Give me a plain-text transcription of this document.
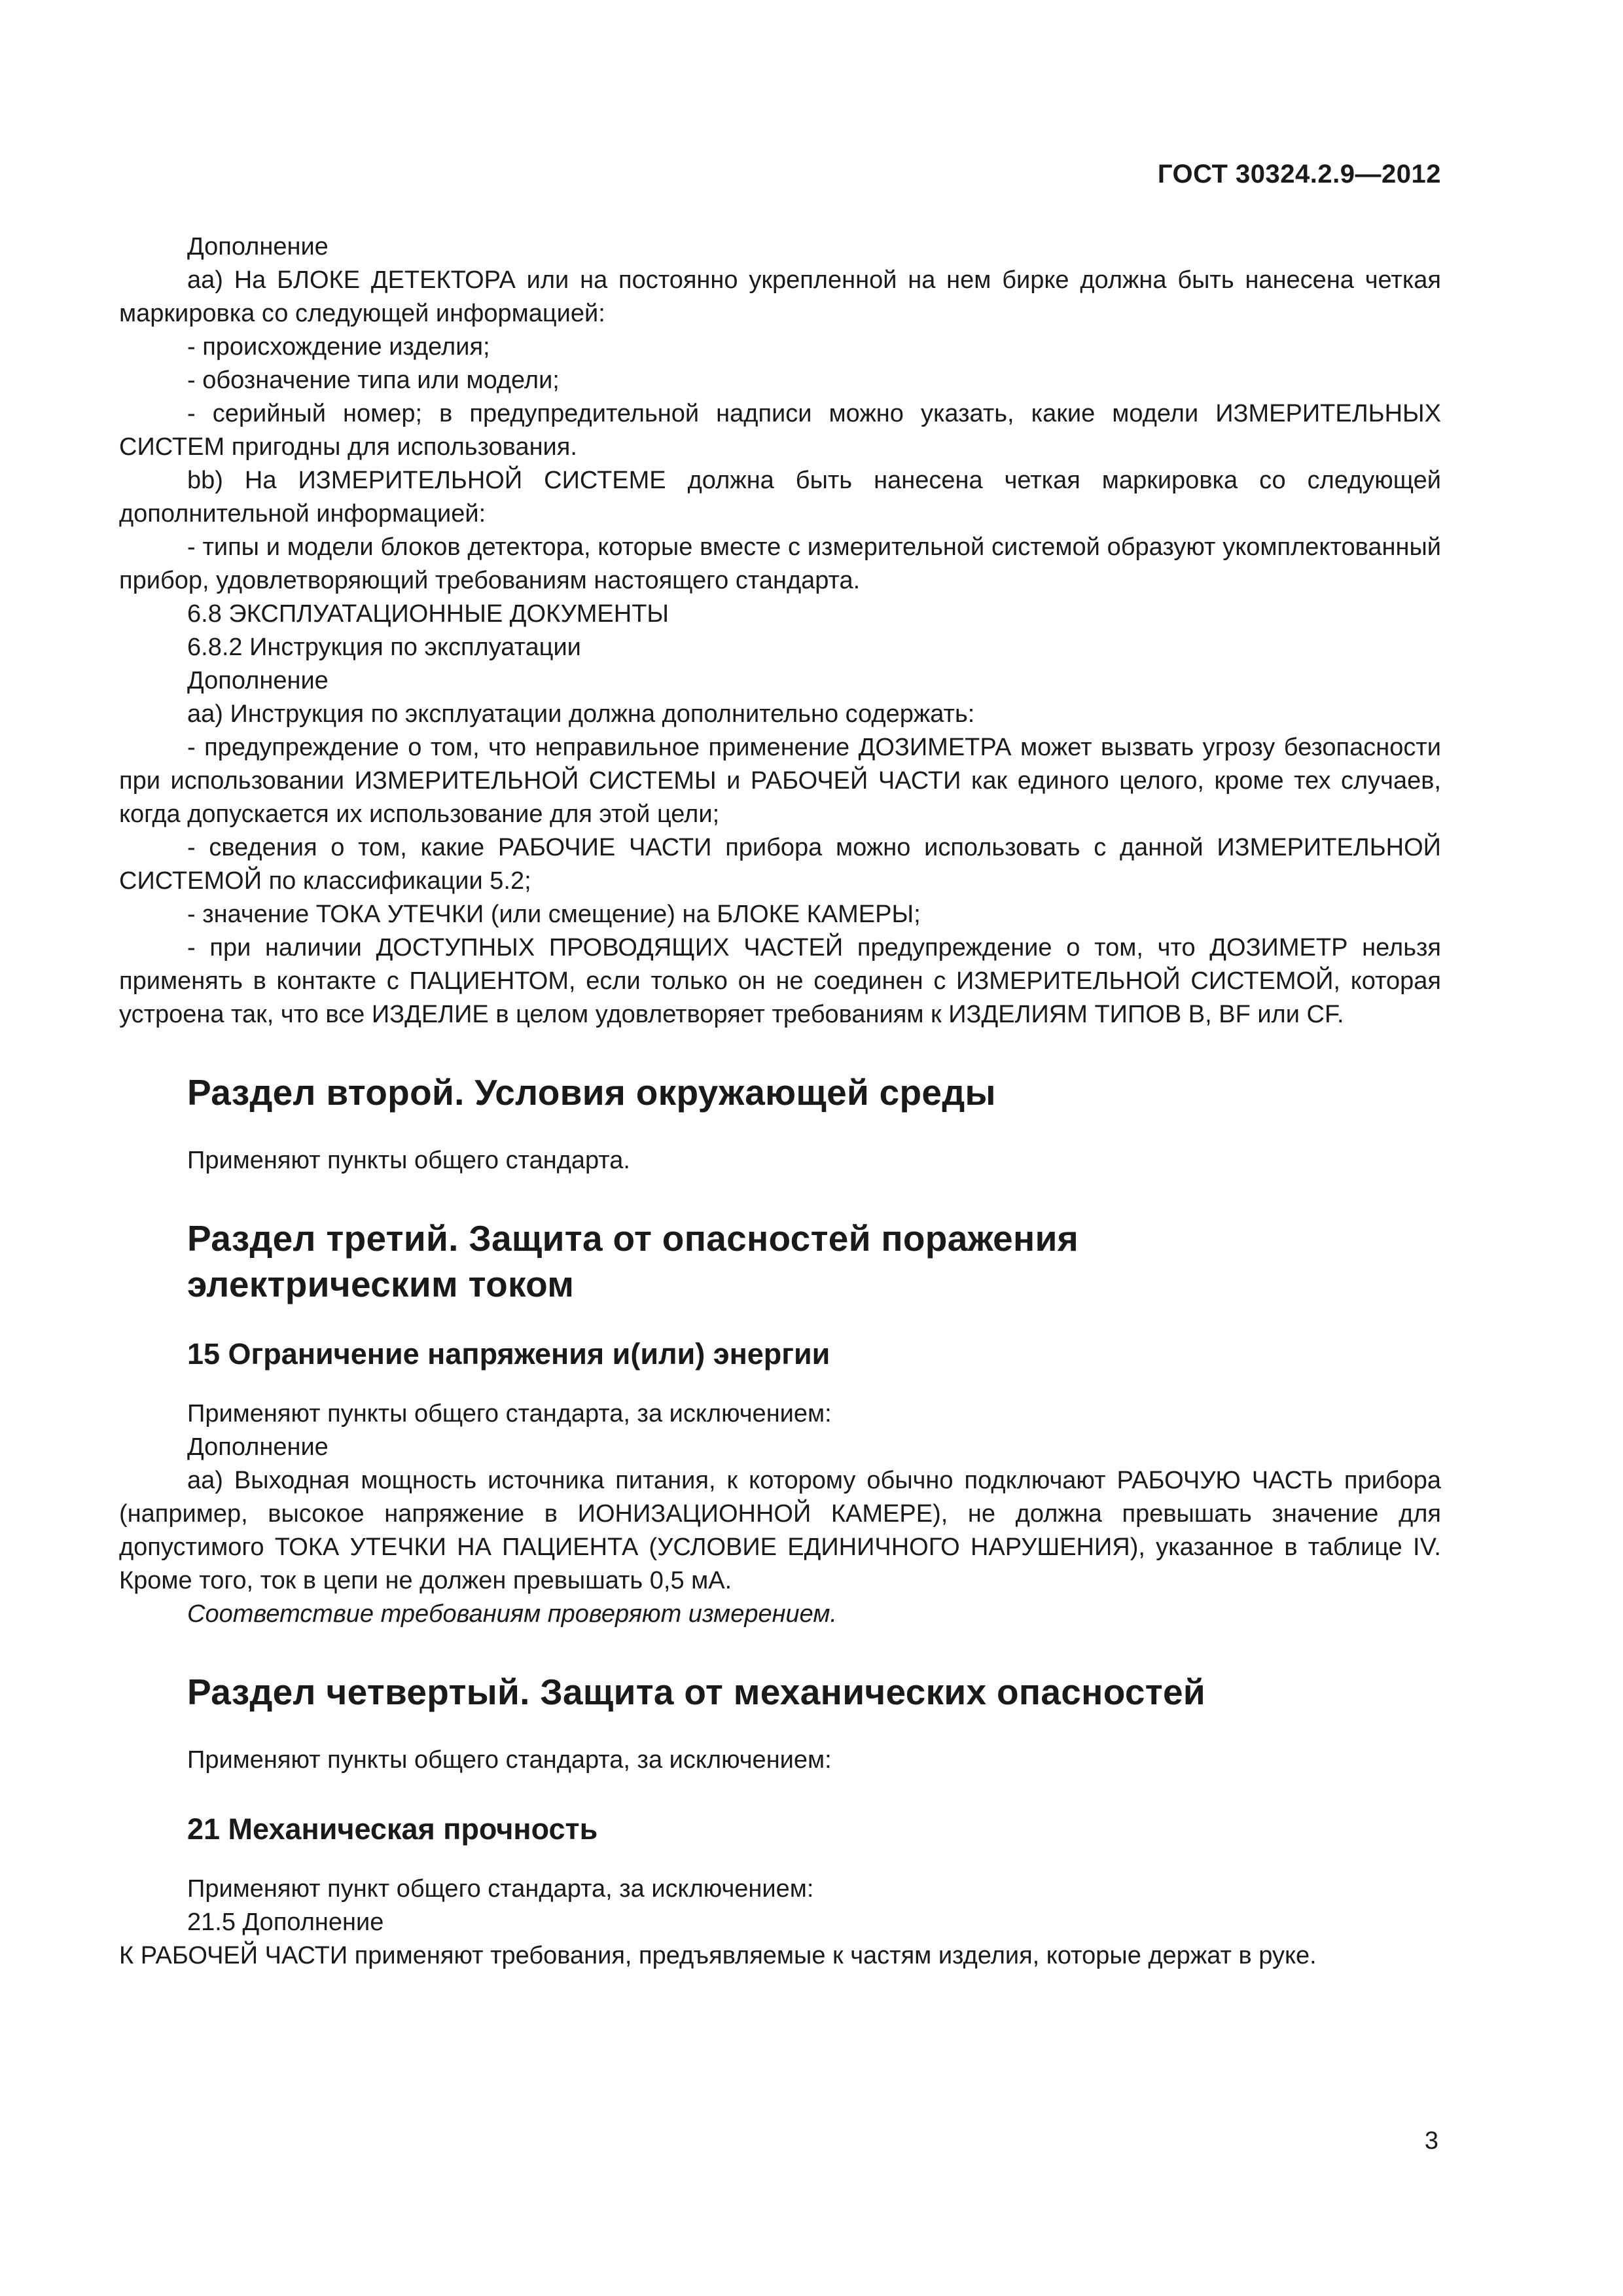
ГОСТ 30324.2.9—2012

Дополнение

аа) На БЛОКЕ ДЕТЕКТОРА или на постоянно укрепленной на нем бирке должна быть нанесена четкая маркировка со следующей информацией:

- происхождение изделия;

- обозначение типа или модели;

- серийный номер; в предупредительной надписи можно указать, какие модели ИЗМЕРИТЕЛЬНЫХ СИСТЕМ пригодны для использования.

bb) На ИЗМЕРИТЕЛЬНОЙ СИСТЕМЕ должна быть нанесена четкая маркировка со следующей дополнительной информацией:

- типы и модели блоков детектора, которые вместе с измерительной системой образуют укомплектованный прибор, удовлетворяющий требованиям настоящего стандарта.

6.8 ЭКСПЛУАТАЦИОННЫЕ ДОКУМЕНТЫ

6.8.2 Инструкция по эксплуатации

Дополнение

аа) Инструкция по эксплуатации должна дополнительно содержать:

- предупреждение о том, что неправильное применение ДОЗИМЕТРА может вызвать угрозу безопасности при использовании ИЗМЕРИТЕЛЬНОЙ СИСТЕМЫ и РАБОЧЕЙ ЧАСТИ как единого целого, кроме тех случаев, когда допускается их использование для этой цели;

- сведения о том, какие РАБОЧИЕ ЧАСТИ прибора можно использовать с данной ИЗМЕРИТЕЛЬНОЙ СИСТЕМОЙ по классификации 5.2;

- значение ТОКА УТЕЧКИ (или смещение) на БЛОКЕ КАМЕРЫ;

- при наличии ДОСТУПНЫХ ПРОВОДЯЩИХ ЧАСТЕЙ предупреждение о том, что ДОЗИМЕТР нельзя применять в контакте с ПАЦИЕНТОМ, если только он не соединен с ИЗМЕРИТЕЛЬНОЙ СИСТЕМОЙ, которая устроена так, что все ИЗДЕЛИЕ в целом удовлетворяет требованиям к ИЗДЕЛИЯМ ТИПОВ В, BF или CF.

Раздел второй. Условия окружающей среды

Применяют пункты общего стандарта.

Раздел третий. Защита от опасностей поражения
электрическим током
15 Ограничение напряжения и(или) энергии

Применяют пункты общего стандарта, за исключением:

Дополнение

аа) Выходная мощность источника питания, к которому обычно подключают РАБОЧУЮ ЧАСТЬ прибора (например, высокое напряжение в ИОНИЗАЦИОННОЙ КАМЕРЕ), не должна превышать значение для допустимого ТОКА УТЕЧКИ НА ПАЦИЕНТА (УСЛОВИЕ ЕДИНИЧНОГО НАРУШЕНИЯ), указанное в таблице IV. Кроме того, ток в цепи не должен превышать 0,5 мА.

Соответствие требованиям проверяют измерением.

Раздел четвертый. Защита от механических опасностей

Применяют пункты общего стандарта, за исключением:

21 Механическая прочность

Применяют пункт общего стандарта, за исключением:

21.5 Дополнение

К РАБОЧЕЙ ЧАСТИ применяют требования, предъявляемые к частям изделия, которые держат в руке.

3
